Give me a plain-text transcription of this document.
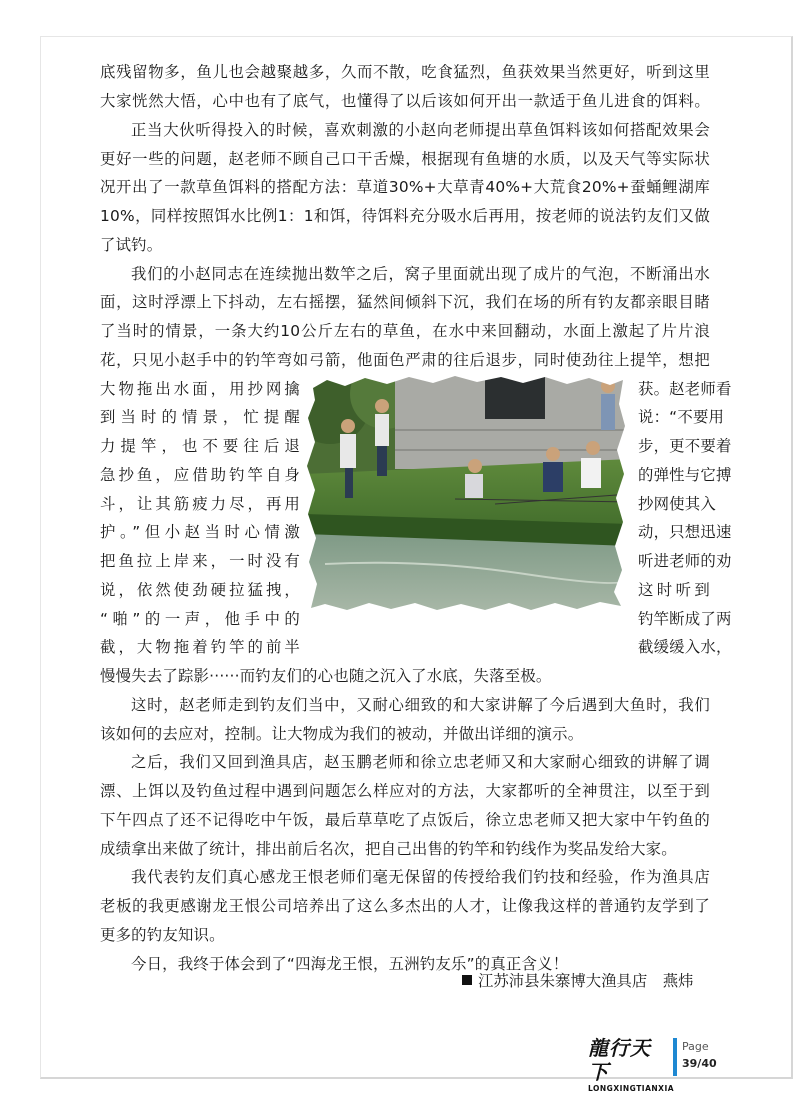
底残留物多，鱼儿也会越聚越多，久而不散，吃食猛烈，鱼获效果当然更好，听到这里
大家恍然大悟，心中也有了底气，也懂得了以后该如何开出一款适于鱼儿进食的饵料。
正当大伙听得投入的时候，喜欢刺激的小赵向老师提出草鱼饵料该如何搭配效果会
更好一些的问题，赵老师不顾自己口干舌燥，根据现有鱼塘的水质，以及天气等实际状
况开出了一款草鱼饵料的搭配方法：草道30%+大草青40%+大荒食20%+蚕蛹鲤湖库
10%，同样按照饵水比例1：1和饵，待饵料充分吸水后再用，按老师的说法钓友们又做
了试钓。
我们的小赵同志在连续抛出数竿之后，窝子里面就出现了成片的气泡，不断涌出水
面，这时浮漂上下抖动，左右摇摆，猛然间倾斜下沉，我们在场的所有钓友都亲眼目睹
了当时的情景，一条大约10公斤左右的草鱼，在水中来回翻动，水面上激起了片片浪
花，只见小赵手中的钓竿弯如弓箭，他面色严肃的往后退步，同时使劲往上提竿，想把
大物拖出水面，用抄网擒
到当时的情景，忙提醒
力提竿，也不要往后退
急抄鱼，应借助钓竿自身
斗，让其筋疲力尽，再用
护。”但小赵当时心情激
把鱼拉上岸来，一时没有
说，依然使劲硬拉猛拽，
“啪”的一声，他手中的
截，大物拖着钓竿的前半
获。赵老师看
说：“不要用
步，更不要着
的弹性与它搏
抄网使其入
动，只想迅速
听进老师的劝
这时听到
钓竿断成了两
截缓缓入水，
慢慢失去了踪影······而钓友们的心也随之沉入了水底，失落至极。
这时，赵老师走到钓友们当中，又耐心细致的和大家讲解了今后遇到大鱼时，我们
该如何的去应对，控制。让大物成为我们的被动，并做出详细的演示。
之后，我们又回到渔具店，赵玉鹏老师和徐立忠老师又和大家耐心细致的讲解了调
漂、上饵以及钓鱼过程中遇到问题怎么样应对的方法，大家都听的全神贯注，以至于到
下午四点了还不记得吃中午饭，最后草草吃了点饭后，徐立忠老师又把大家中午钓鱼的
成绩拿出来做了统计，排出前后名次，把自己出售的钓竿和钓线作为奖品发给大家。
我代表钓友们真心感龙王恨老师们毫无保留的传授给我们钓技和经验，作为渔具店
老板的我更感谢龙王恨公司培养出了这么多杰出的人才，让像我这样的普通钓友学到了
更多的钓友知识。
今日，我终于体会到了“四海龙王恨，五洲钓友乐”的真正含义！
江苏沛县朱寨博大渔具店　燕炜
龍行天下
LONGXINGTIANXIA
Page
39/40
